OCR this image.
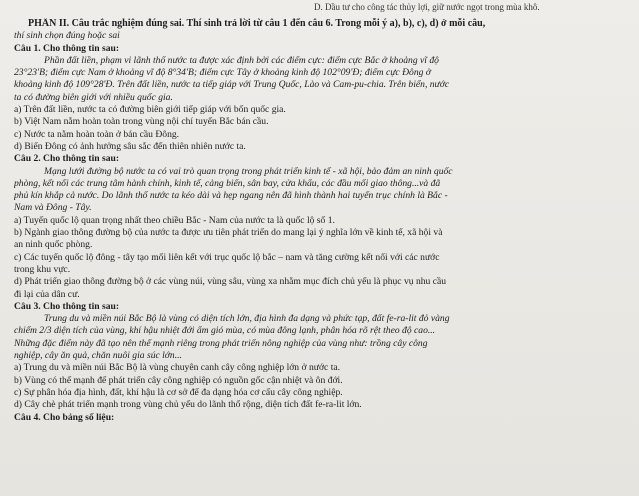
D. Dầu tư cho công tác thủy lợi, giữ nước ngọt trong mùa khô.
PHẦN II. Câu trắc nghiệm đúng sai. Thí sinh trả lời từ câu 1 đến câu 6. Trong mỗi ý a), b), c), d) ở mỗi câu,
thí sinh chọn đúng hoặc sai
Câu 1. Cho thông tin sau:
Phần đất liền, phạm vi lãnh thổ nước ta được xác định bởi các điểm cực: điểm cực Bắc ở khoảng vĩ độ
23°23'B; điểm cực Nam ở khoảng vĩ độ 8°34'B; điểm cực Tây ở khoảng kinh độ 102°09'Đ; điểm cực Đông ở
khoảng kinh độ 109°28'Đ. Trên đất liền, nước ta tiếp giáp với Trung Quốc, Lào và Cam-pu-chia. Trên biển, nước
ta có đường biên giới với nhiều quốc gia.
a) Trên đất liền, nước ta có đường biên giới tiếp giáp với bốn quốc gia.
b) Việt Nam nằm hoàn toàn trong vùng nội chí tuyến Bắc bán cầu.
c) Nước ta nằm hoàn toàn ở bán cầu Đông.
d) Biển Đông có ảnh hưởng sâu sắc đến thiên nhiên nước ta.
Câu 2. Cho thông tin sau:
Mạng lưới đường bộ nước ta có vai trò quan trọng trong phát triển kinh tế - xã hội, bảo đảm an ninh quốc
phòng, kết nối các trung tâm hành chính, kinh tế, cảng biển, sân bay, cửa khẩu, các đầu mối giao thông...và đã
phủ kín khắp cả nước. Do lãnh thổ nước ta kéo dài và hẹp ngang nên đã hình thành hai tuyến trục chính là Bắc -
Nam và Đông - Tây.
a) Tuyến quốc lộ quan trọng nhất theo chiều Bắc - Nam của nước ta là quốc lộ số 1.
b) Ngành giao thông đường bộ của nước ta được ưu tiên phát triển do mang lại ý nghĩa lớn về kinh tế, xã hội và
an ninh quốc phòng.
c) Các tuyến quốc lộ đông - tây tạo mối liên kết với trục quốc lộ bắc – nam và tăng cường kết nối với các nước
trong khu vực.
d) Phát triển giao thông đường bộ ở các vùng núi, vùng sâu, vùng xa nhằm mục đích chủ yếu là phục vụ nhu cầu
đi lại của dân cư.
Câu 3. Cho thông tin sau:
Trung du và miền núi Bắc Bộ là vùng có diện tích lớn, địa hình đa dạng và phức tạp, đất fe-ra-lit đỏ vàng
chiếm 2/3 diện tích của vùng, khí hậu nhiệt đới ẩm gió mùa, có mùa đông lạnh, phân hóa rõ rệt theo độ cao...
Những đặc điểm này đã tạo nên thế mạnh riêng trong phát triển nông nghiệp của vùng như: trồng cây công
nghiệp, cây ăn quả, chăn nuôi gia súc lớn...
a) Trung du và miền núi Bắc Bộ là vùng chuyên canh cây công nghiệp lớn ở nước ta.
b) Vùng có thế mạnh để phát triển cây công nghiệp có nguồn gốc cận nhiệt và ôn đới.
c) Sự phân hóa địa hình, đất, khí hậu là cơ sở để đa dạng hóa cơ cấu cây công nghiệp.
d) Cây chè phát triển mạnh trong vùng chủ yếu do lãnh thổ rộng, diện tích đất fe-ra-lit lớn.
Câu 4. Cho bảng số liệu:
